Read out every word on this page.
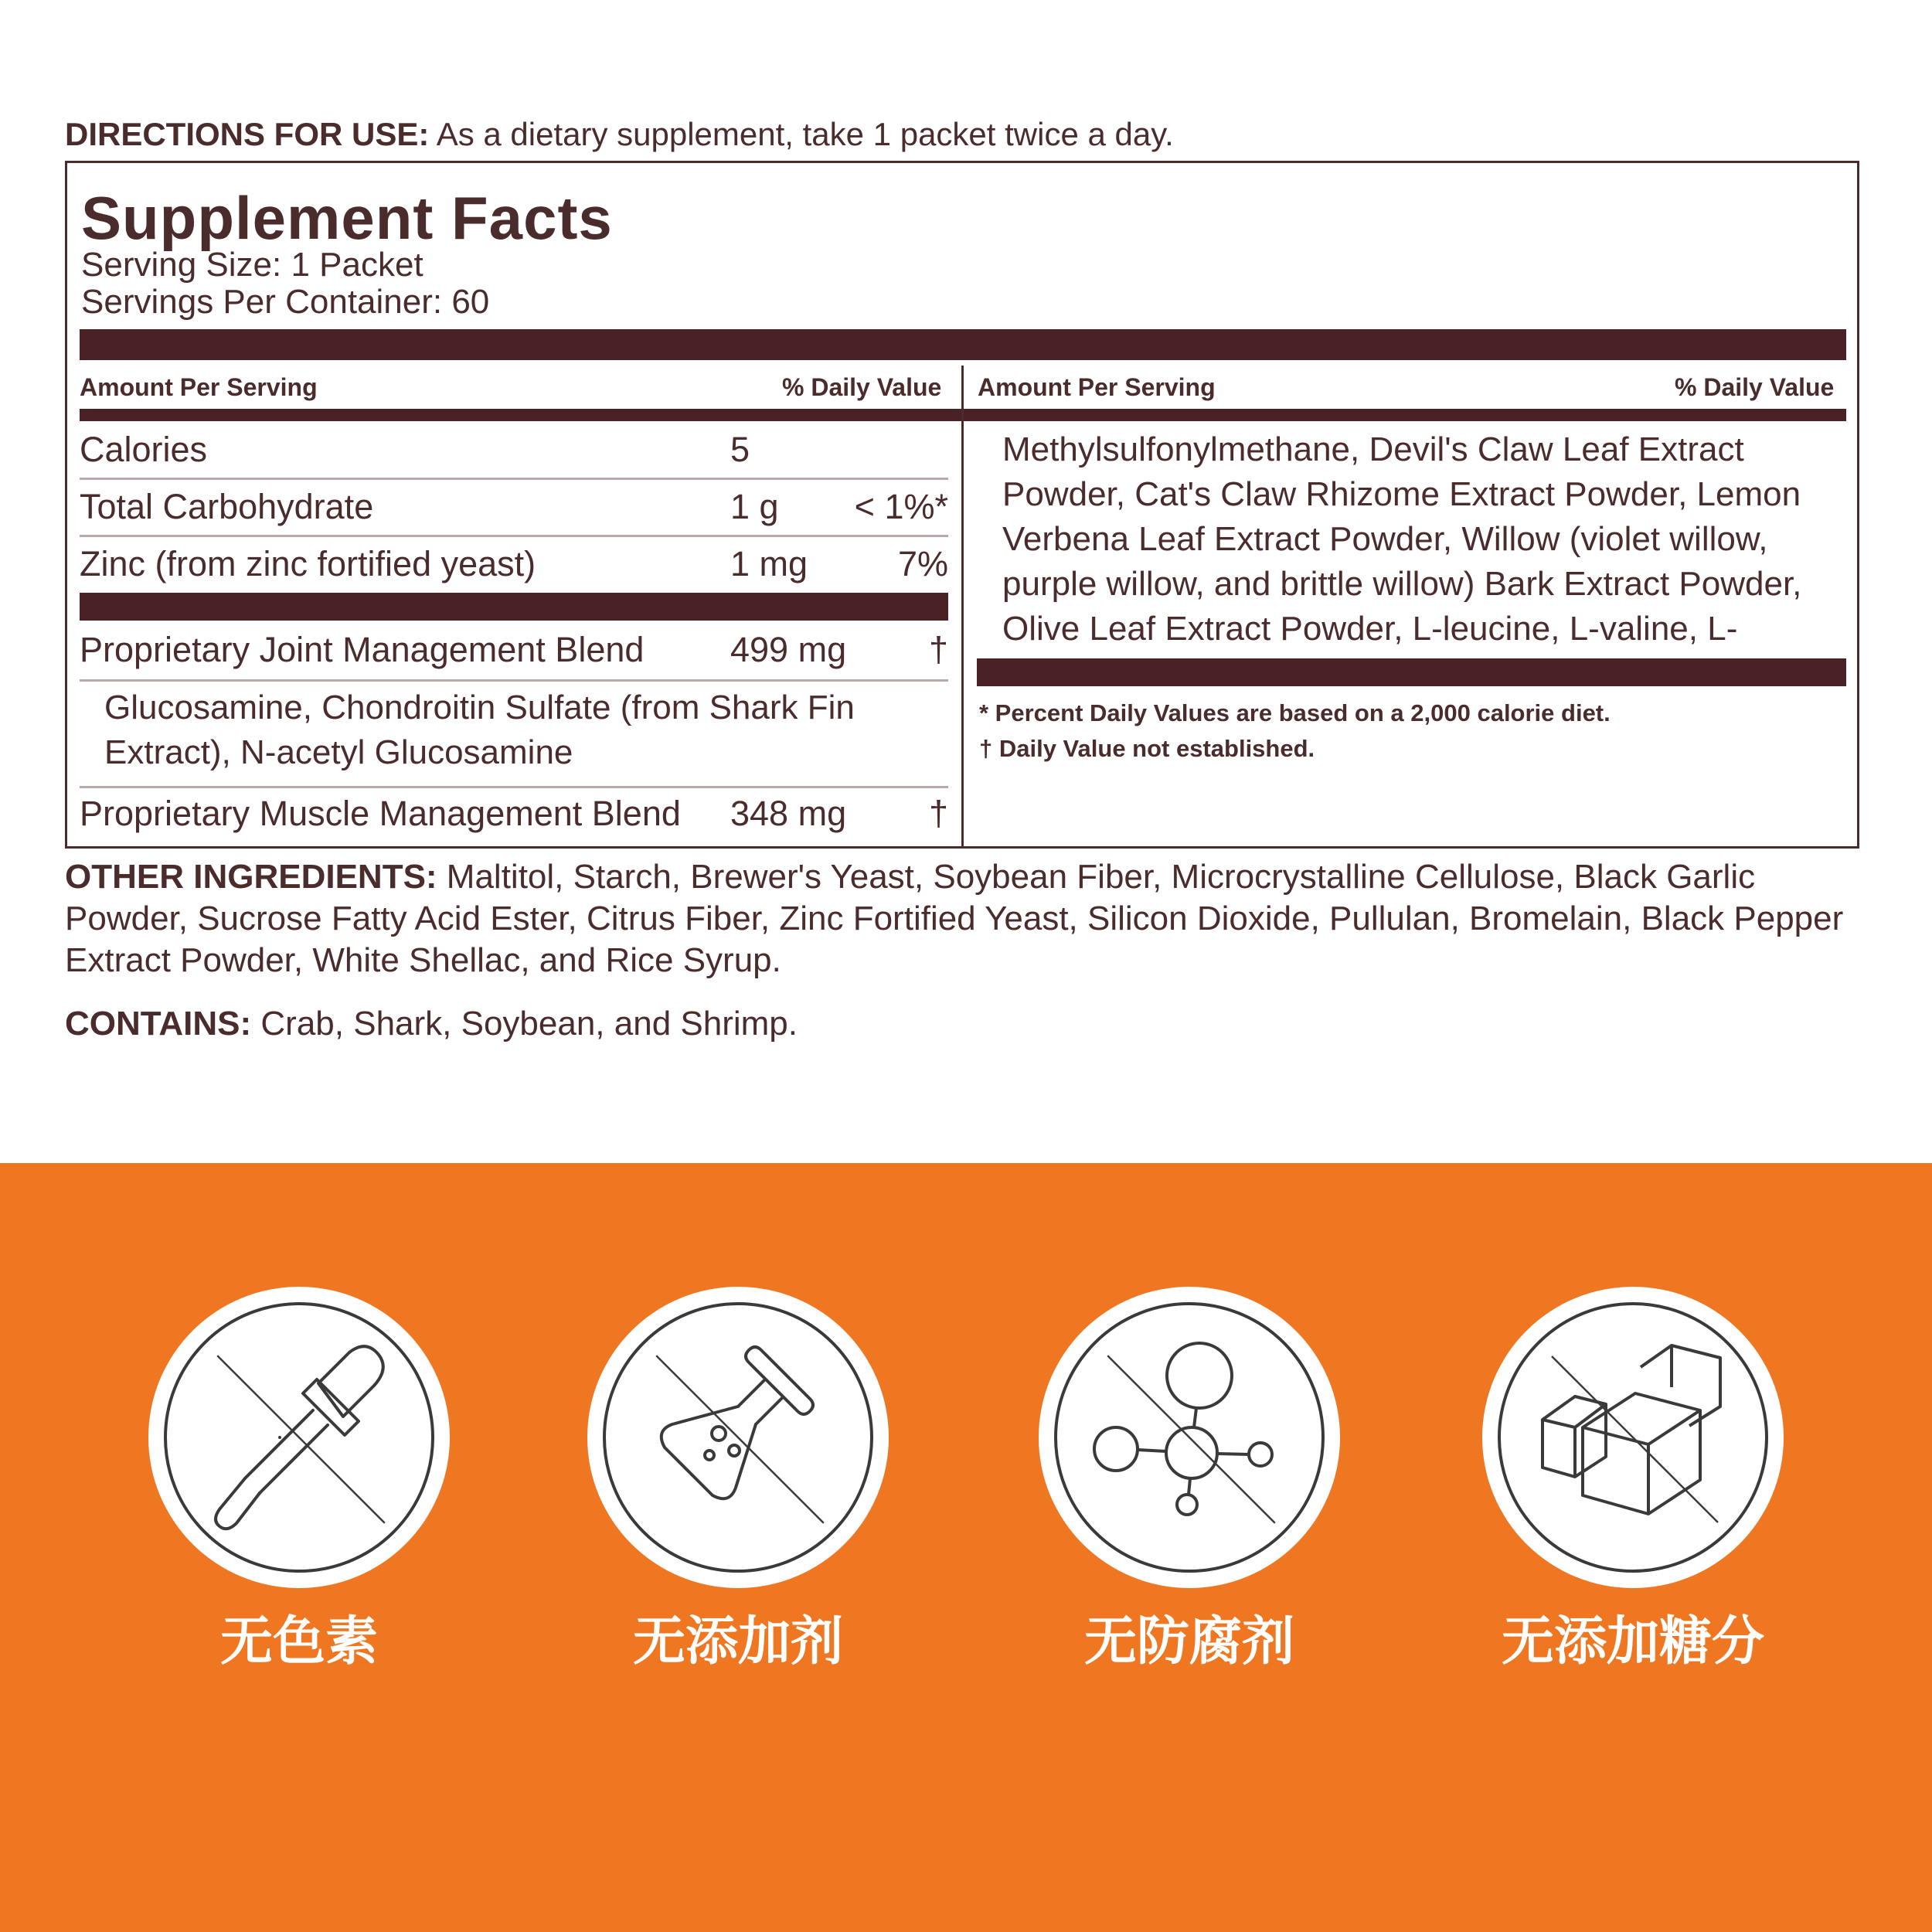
DIRECTIONS FOR USE: As a dietary supplement, take 1 packet twice a day.
Supplement Facts
Serving Size: 1 Packet
Servings Per Container: 60
Amount Per Serving	% Daily Value Amount Per Serving	% Daily Value
Calories	5
Total Carbohydrate	1 g	< 1%*
Zinc (from zinc fortified yeast)	1 mg	7%
Proprietary Joint Management Blend 499 mg	†
Glucosamine, Chondroitin Sulfate (from Shark Fin Extract), N-acetyl Glucosamine
Proprietary Muscle Management Blend 348 mg	†
Methylsulfonylmethane, Devil's Claw Leaf Extract Powder, Cat's Claw Rhizome Extract Powder, Lemon Verbena Leaf Extract Powder, Willow (violet willow, purple willow, and brittle willow) Bark Extract Powder, Olive Leaf Extract Powder, L-leucine, L-valine, L-
* Percent Daily Values are based on a 2,000 calorie diet.
† Daily Value not established.
OTHER INGREDIENTS: Maltitol, Starch, Brewer's Yeast, Soybean Fiber, Microcrystalline Cellulose, Black Garlic Powder, Sucrose Fatty Acid Ester, Citrus Fiber, Zinc Fortified Yeast, Silicon Dioxide, Pullulan, Bromelain, Black Pepper Extract Powder, White Shellac, and Rice Syrup.
CONTAINS: Crab, Shark, Soybean, and Shrimp.
无色素	无添加剂	无防腐剂	无添加糖分
